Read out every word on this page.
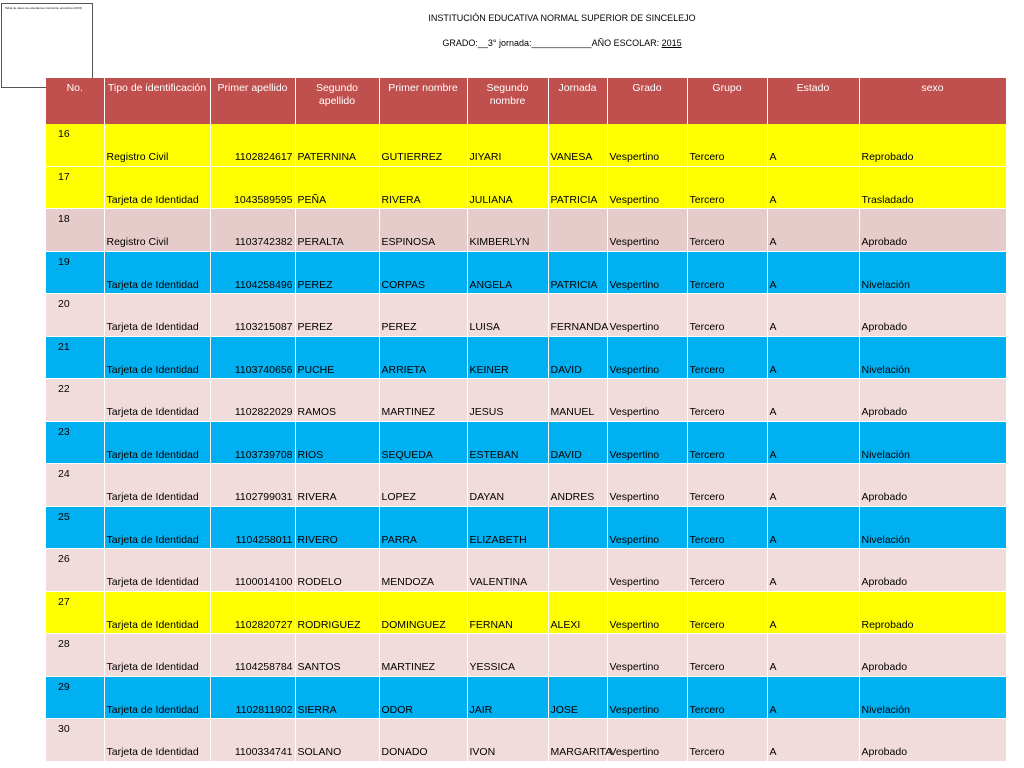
Tabla de datos de estudiantes institución educativa (2015)
INSTITUCIÓN EDUCATIVA NORMAL SUPERIOR DE SINCELEJO
GRADO:__3° jornada:____________AÑO ESCOLAR: 2015
No.	Tipo de identificación	Primer apellido	Segundo apellido	Primer nombre	Segundo nombre	Jornada	Grado	Grupo	Estado	sexo

16	Registro Civil	1102824617	PATERNINA	GUTIERREZ	JIYARI	VANESA	Vespertino	Tercero	A	Reprobado

17	Tarjeta de Identidad	1043589595	PEÑA	RIVERA	JULIANA	PATRICIA	Vespertino	Tercero	A	Trasladado

18	Registro Civil	1103742382	PERALTA	ESPINOSA	KIMBERLYN		Vespertino	Tercero	A	Aprobado

19	Tarjeta de Identidad	1104258496	PEREZ	CORPAS	ANGELA	PATRICIA	Vespertino	Tercero	A	Nivelación

20	Tarjeta de Identidad	1103215087	PEREZ	PEREZ	LUISA	FERNANDA	Vespertino	Tercero	A	Aprobado

21	Tarjeta de Identidad	1103740656	PUCHE	ARRIETA	KEINER	DAVID	Vespertino	Tercero	A	Nivelación

22	Tarjeta de Identidad	1102822029	RAMOS	MARTINEZ	JESUS	MANUEL	Vespertino	Tercero	A	Aprobado

23	Tarjeta de Identidad	1103739708	RIOS	SEQUEDA	ESTEBAN	DAVID	Vespertino	Tercero	A	Nivelación

24	Tarjeta de Identidad	1102799031	RIVERA	LOPEZ	DAYAN	ANDRES	Vespertino	Tercero	A	Aprobado

25	Tarjeta de Identidad	1104258011	RIVERO	PARRA	ELIZABETH		Vespertino	Tercero	A	Nivelación

26	Tarjeta de Identidad	1100014100	RODELO	MENDOZA	VALENTINA		Vespertino	Tercero	A	Aprobado

27	Tarjeta de Identidad	1102820727	RODRIGUEZ	DOMINGUEZ	FERNAN	ALEXI	Vespertino	Tercero	A	Reprobado

28	Tarjeta de Identidad	1104258784	SANTOS	MARTINEZ	YESSICA		Vespertino	Tercero	A	Aprobado

29	Tarjeta de Identidad	1102811902	SIERRA	ODOR	JAIR	JOSE	Vespertino	Tercero	A	Nivelación

30	Tarjeta de Identidad	1100334741	SOLANO	DONADO	IVON	MARGARITA	Vespertino	Tercero	A	Aprobado
